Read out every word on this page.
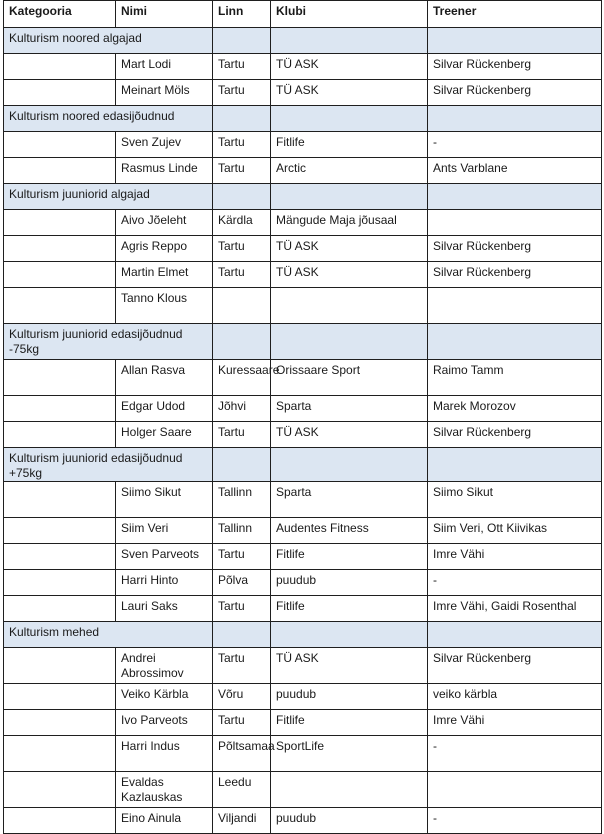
Kategooria	Nimi	Linn	Klubi	Treener
Kulturism noored algajad				
	Mart Lodi	Tartu	TÜ ASK	Silvar Rückenberg
	Meinart Möls	Tartu	TÜ ASK	Silvar Rückenberg
Kulturism noored edasijõudnud				
	Sven Zujev	Tartu	Fitlife	-
	Rasmus Linde	Tartu	Arctic	Ants Varblane
Kulturism juuniorid algajad				
	Aivo Jõeleht	Kärdla	Mängude Maja jõusaal	
	Agris Reppo	Tartu	TÜ ASK	Silvar Rückenberg
	Martin Elmet	Tartu	TÜ ASK	Silvar Rückenberg
	Tanno Klous			
Kulturism juuniorid edasijõudnud -75kg				
	Allan Rasva	Kuressaare	Orissaare Sport	Raimo Tamm
	Edgar Udod	Jõhvi	Sparta	Marek Morozov
	Holger Saare	Tartu	TÜ ASK	Silvar Rückenberg
Kulturism juuniorid edasijõudnud +75kg				
	Siimo Sikut	Tallinn	Sparta	Siimo Sikut
	Siim Veri	Tallinn	Audentes Fitness	Siim Veri, Ott Kiivikas
	Sven Parveots	Tartu	Fitlife	Imre Vähi
	Harri Hinto	Põlva	puudub	-
	Lauri Saks	Tartu	Fitlife	Imre Vähi, Gaidi Rosenthal
Kulturism mehed				
	Andrei Abrossimov	Tartu	TÜ ASK	Silvar Rückenberg
	Veiko Kärbla	Võru	puudub	veiko kärbla
	Ivo Parveots	Tartu	Fitlife	Imre Vähi
	Harri Indus	Põltsamaa	SportLife	-
	Evaldas Kazlauskas	Leedu		
	Eino Ainula	Viljandi	puudub	-
